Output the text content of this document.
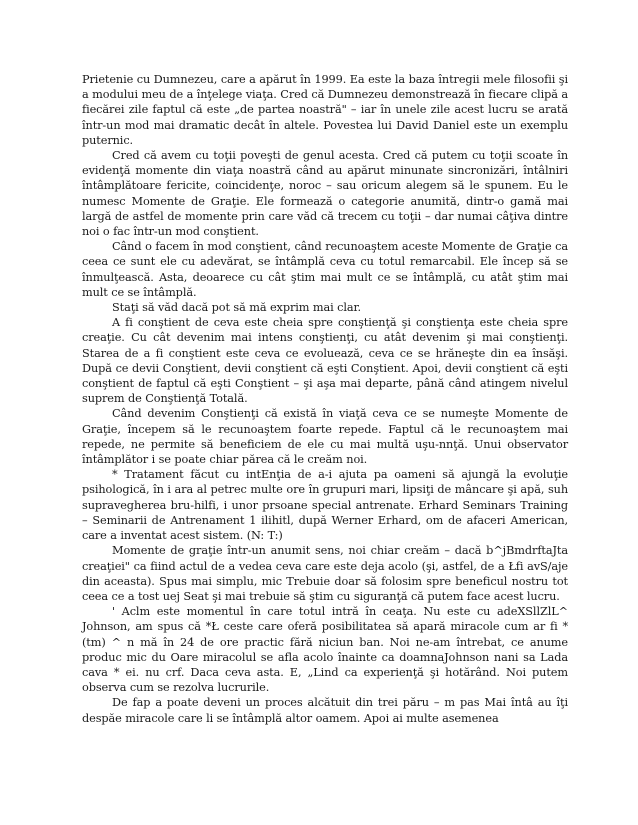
Prietenie cu Dumnezeu, care a apărut în 1999. Ea este la baza întregii mele filosofii şi a modului meu de a înţelege viaţa. Cred că Dumnezeu demonstrează în fiecare clipă a fiecărei zile faptul că este „de partea noastră" – iar în unele zile acest lucru se arată într-un mod mai dramatic decât în altele. Povestea lui David Daniel este un exemplu puternic.

Cred că avem cu toţii poveşti de genul acesta. Cred că putem cu toţii scoate în evidenţă momente din viaţa noastră când au apărut minunate sincronizări, întâlniri întâmplătoare fericite, coincidenţe, noroc – sau oricum alegem să le spunem. Eu le numesc Momente de Graţie. Ele formează o categorie anumită, dintr-o gamă mai largă de astfel de momente prin care văd că trecem cu toţii – dar numai câţiva dintre noi o fac într-un mod conştient.

Când o facem în mod conştient, când recunoaştem aceste Momente de Graţie ca ceea ce sunt ele cu adevărat, se întâmplă ceva cu totul remarcabil. Ele încep să se înmulţească. Asta, deoarece cu cât ştim mai mult ce se întâmplă, cu atât ştim mai mult ce se întâmplă.

Staţi să văd dacă pot să mă exprim mai clar.

A fi conştient de ceva este cheia spre conştienţă şi conştienţa este cheia spre creaţie. Cu cât devenim mai intens conştienţi, cu atât devenim şi mai conştienţi. Starea de a fi conştient este ceva ce evoluează, ceva ce se hrăneşte din ea însăşi. După ce devii Conştient, devii conştient că eşti Conştient. Apoi, devii conştient că eşti conştient de faptul că eşti Conştient – şi aşa mai departe, până când atingem nivelul suprem de Conştienţă Totală.

Când devenim Conştienţi că există în viaţă ceva ce se numeşte Momente de Graţie, începem să le recunoaştem foarte repede. Faptul că le recunoaştem mai repede, ne permite să beneficiem de ele cu mai multă uşu-nnţă. Unui observator întâmplător i se poate chiar părea că le creăm noi.

* Tratament făcut cu intEnţia de a-i ajuta pa oameni să ajungă la evoluţie psihologică, în i ara al petrec multe ore în grupuri mari, lipsiţi de mâncare şi apă, suh supravegherea bru-hilfi, i unor prsoane special antrenate. Erhard Seminars Training – Seminarii de Antrenament 1 ilihitl, după Werner Erhard, om de afaceri American, care a inventat acest sistem. (N: T:)

Momente de graţie într-un anumit sens, noi chiar creăm – dacă b^jBmdrftaJta creaţiei" ca fiind actul de a vedea ceva care este deja acolo (şi, astfel, de a Łfi avS/aje din aceasta). Spus mai simplu, mic Trebuie doar să folosim spre beneficul nostru tot ceea ce a tost uej Seat şi mai trebuie să ştim cu siguranţă că putem face acest lucru.

' Aclm este momentul în care totul intră în ceaţa. Nu este cu adeXSllZlL^ Johnson, am spus că *Ł ceste care oferă posibilitatea să apară miracole cum ar fi * (tm) ^ n mă în 24 de ore practic fără niciun ban. Noi ne-am întrebat, ce anume produc mic du Oare miracolul se afla acolo înainte ca doamnaJohnson nani sa Lada cava * ei. nu crf. Daca ceva asta. E, „Lind ca experienţă şi hotărând. Noi putem observa cum se rezolva lucrurile.

De fap a poate deveni un proces alcătuit din trei păru – m pas Mai întâ au îţi despăe miracole care li se întâmplă altor oamem. Apoi ai multe asemenea
